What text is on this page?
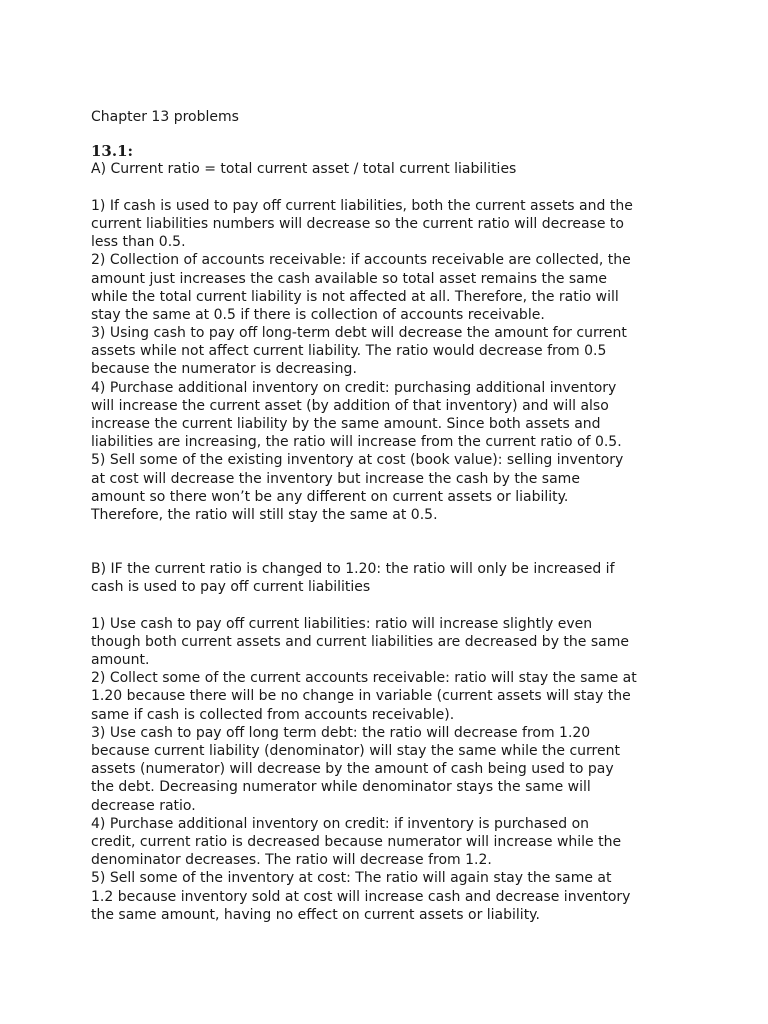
Chapter 13 problems
13.1:
A) Current ratio = total current asset / total current liabilities
1) If cash is used to pay off current liabilities, both the current assets and the
current liabilities numbers will decrease so the current ratio will decrease to
less than 0.5.
2) Collection of accounts receivable: if accounts receivable are collected, the
amount just increases the cash available so total asset remains the same
while the total current liability is not affected at all. Therefore, the ratio will
stay the same at 0.5 if there is collection of accounts receivable.
3) Using cash to pay off long-term debt will decrease the amount for current
assets while not affect current liability. The ratio would decrease from 0.5
because the numerator is decreasing.
4) Purchase additional inventory on credit: purchasing additional inventory
will increase the current asset (by addition of that inventory) and will also
increase the current liability by the same amount. Since both assets and
liabilities are increasing, the ratio will increase from the current ratio of 0.5.
5) Sell some of the existing inventory at cost (book value): selling inventory
at cost will decrease the inventory but increase the cash by the same
amount so there won’t be any different on current assets or liability.
Therefore, the ratio will still stay the same at 0.5.
B) IF the current ratio is changed to 1.20: the ratio will only be increased if
cash is used to pay off current liabilities
1) Use cash to pay off current liabilities: ratio will increase slightly even
though both current assets and current liabilities are decreased by the same
amount.
2) Collect some of the current accounts receivable: ratio will stay the same at
1.20 because there will be no change in variable (current assets will stay the
same if cash is collected from accounts receivable).
3) Use cash to pay off long term debt: the ratio will decrease from 1.20
because current liability (denominator) will stay the same while the current
assets (numerator) will decrease by the amount of cash being used to pay
the debt. Decreasing numerator while denominator stays the same will
decrease ratio.
4) Purchase additional inventory on credit: if inventory is purchased on
credit, current ratio is decreased because numerator will increase while the
denominator decreases. The ratio will decrease from 1.2.
5) Sell some of the inventory at cost: The ratio will again stay the same at
1.2 because inventory sold at cost will increase cash and decrease inventory
the same amount, having no effect on current assets or liability.
